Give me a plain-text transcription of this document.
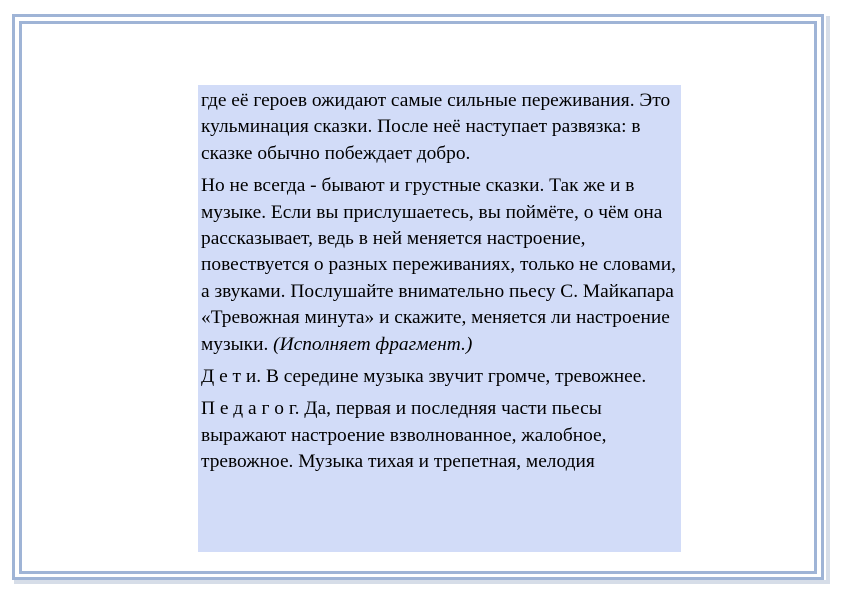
где её героев ожидают самые сильные переживания. Это кульминация сказки. После неё наступает развязка: в сказке обычно побеждает добро.

Но не всегда - бывают и грустные сказки. Так же и в музыке. Если вы прислушаетесь, вы поймёте, о чём она рассказывает, ведь в ней меняется настроение, повествуется о разных переживаниях, только не словами, а звуками. Послушайте внимательно пьесу С. Майкапара «Тревожная минута» и скажите, меняется ли настроение музыки. (Исполняет фрагмент.)

Д е т и. В середине музыка звучит громче, тревожнее.

П е д а г о г. Да, первая и последняя части пьесы выражают настроение взволнованное, жалобное, тревожное. Музыка тихая и трепетная, мелодия
